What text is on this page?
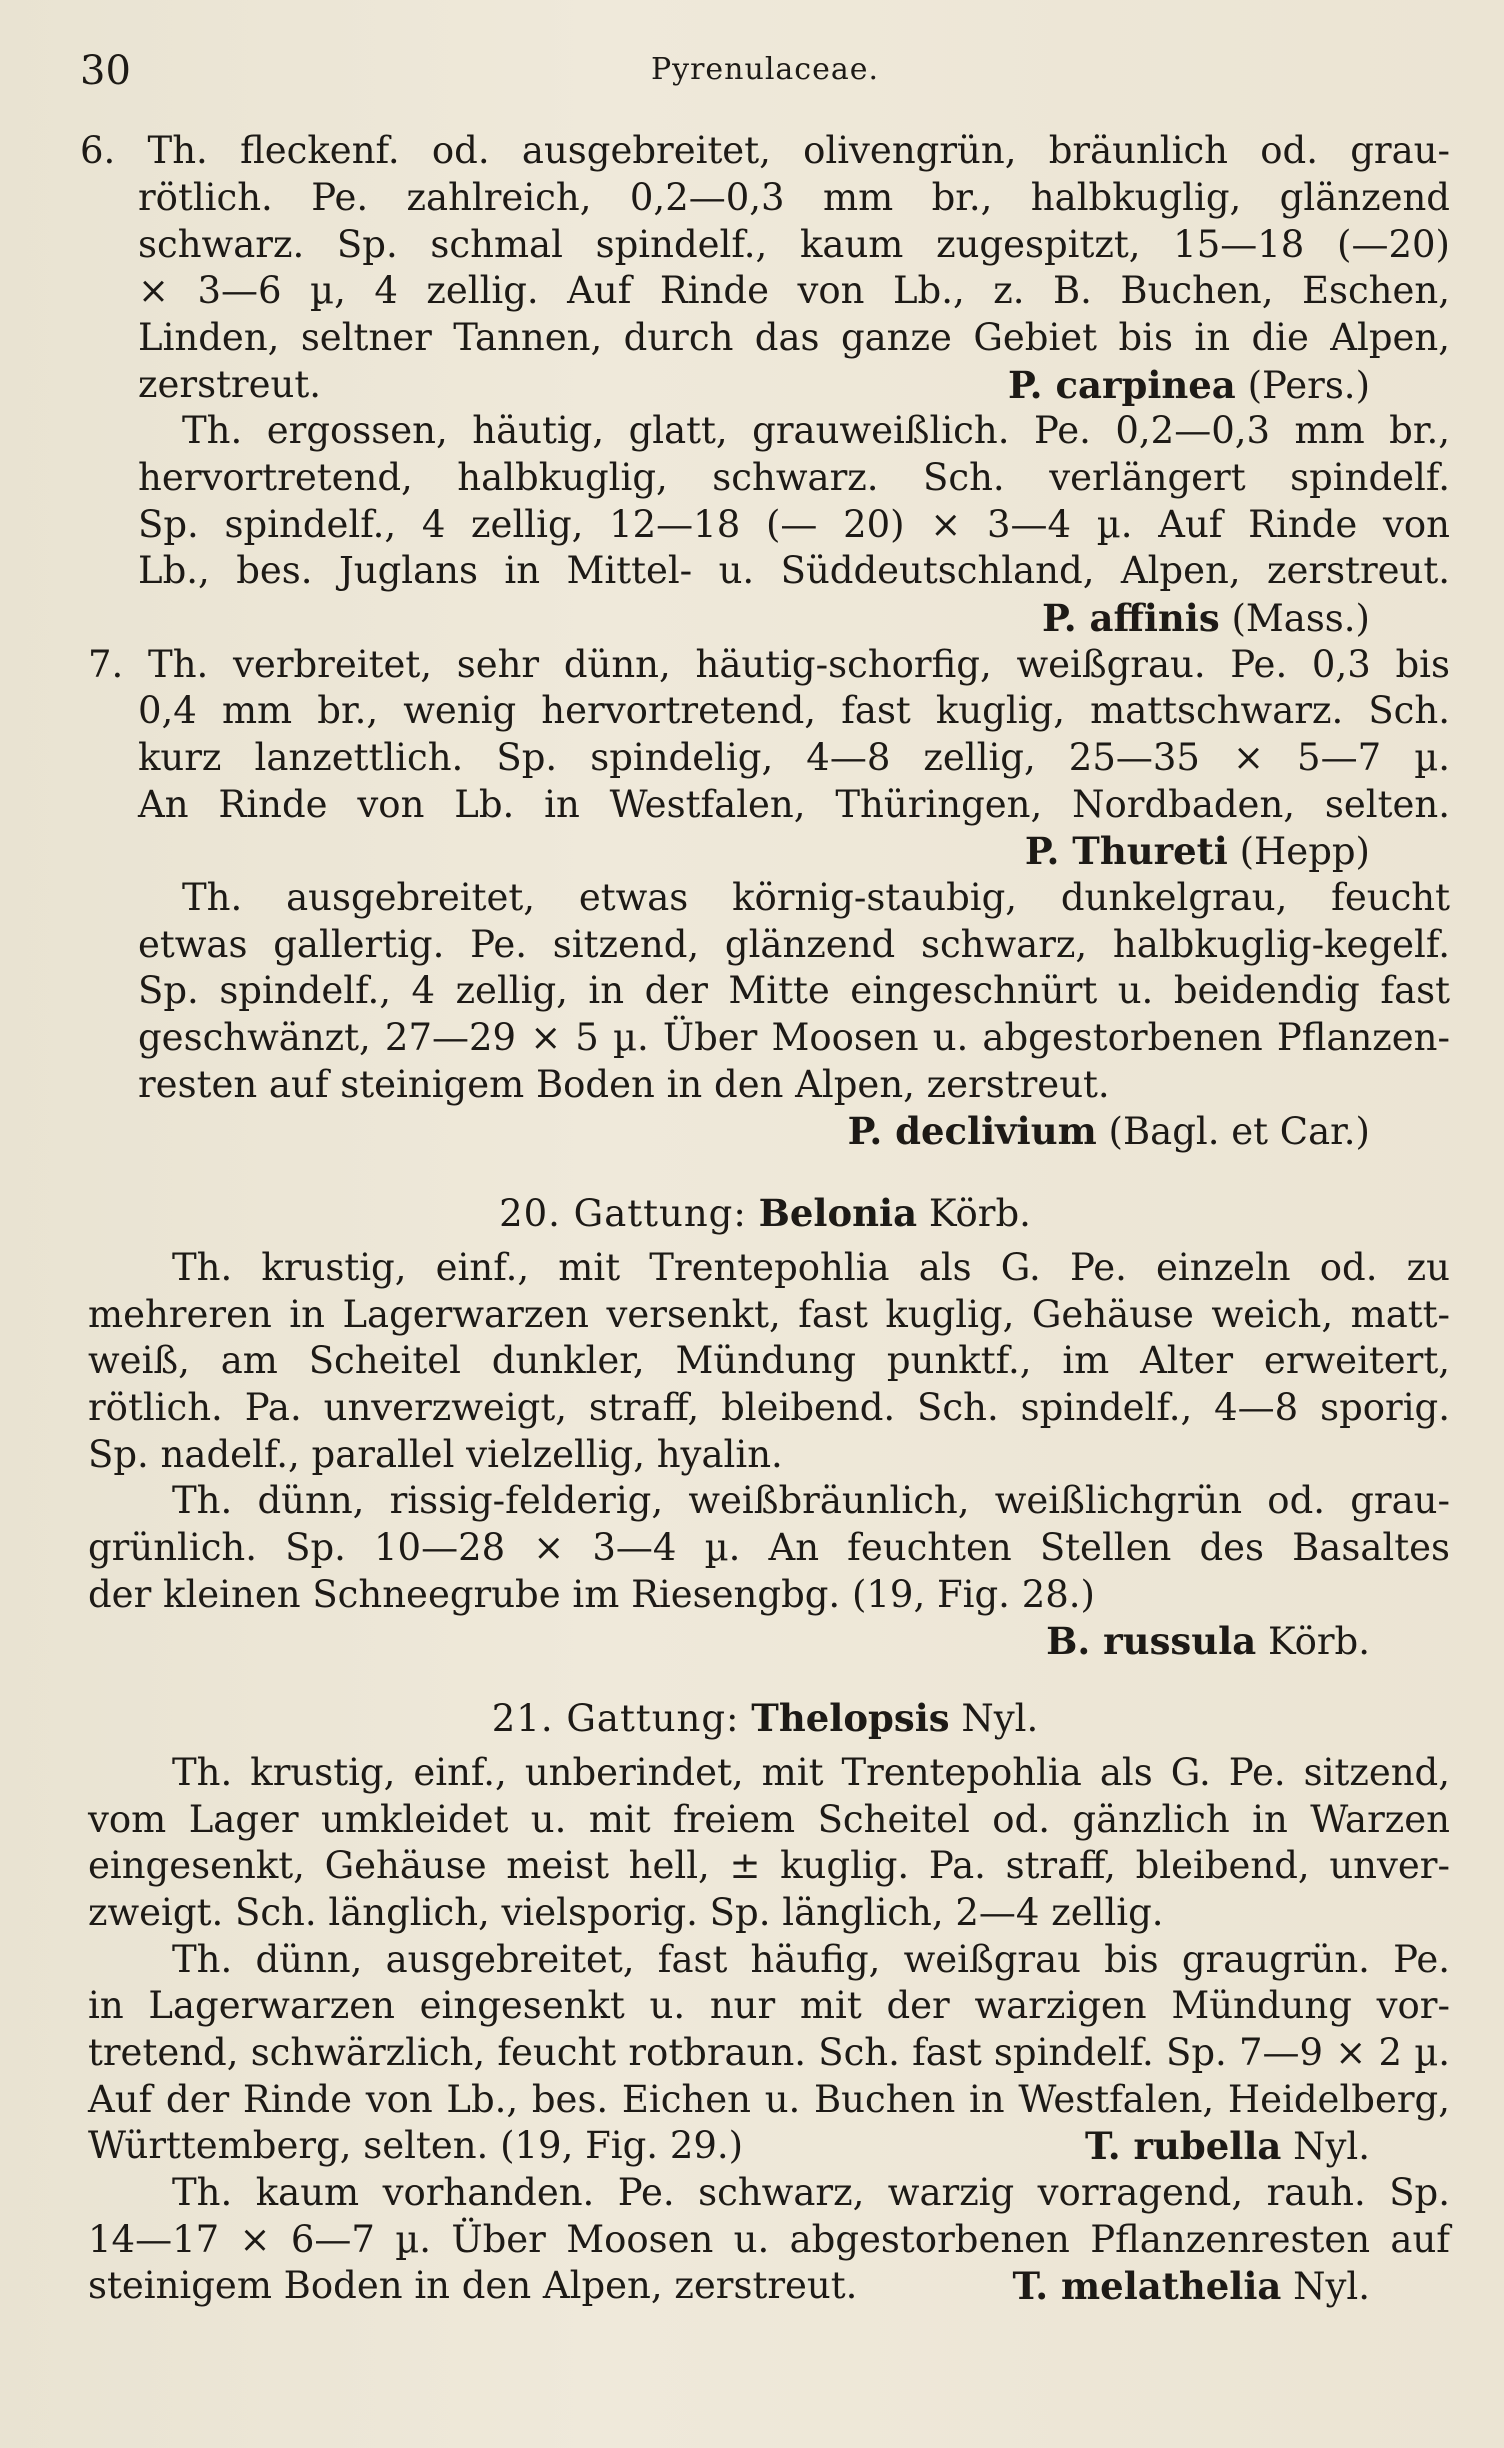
30	Pyrenulaceae.
6. Th. fleckenf. od. ausgebreitet, olivengrün, bräunlich od. grau-
rötlich. Pe. zahlreich, 0,2—0,3 mm br., halbkuglig, glänzend
schwarz. Sp. schmal spindelf., kaum zugespitzt, 15—18 (—20)
× 3—6 µ, 4 zellig. Auf Rinde von Lb., z. B. Buchen, Eschen,
Linden, seltner Tannen, durch das ganze Gebiet bis in die Alpen,
zerstreut.	P. carpinea (Pers.)
Th. ergossen, häutig, glatt, grauweißlich. Pe. 0,2—0,3 mm br.,
hervortretend, halbkuglig, schwarz. Sch. verlängert spindelf.
Sp. spindelf., 4 zellig, 12—18 (— 20) × 3—4 µ. Auf Rinde von
Lb., bes. Juglans in Mittel- u. Süddeutschland, Alpen, zerstreut.
P. affinis (Mass.)
7. Th. verbreitet, sehr dünn, häutig-schorfig, weißgrau. Pe. 0,3 bis
0,4 mm br., wenig hervortretend, fast kuglig, mattschwarz. Sch.
kurz lanzettlich. Sp. spindelig, 4—8 zellig, 25—35 × 5—7 µ.
An Rinde von Lb. in Westfalen, Thüringen, Nordbaden, selten.
P. Thureti (Hepp)
Th. ausgebreitet, etwas körnig-staubig, dunkelgrau, feucht
etwas gallertig. Pe. sitzend, glänzend schwarz, halbkuglig-kegelf.
Sp. spindelf., 4 zellig, in der Mitte eingeschnürt u. beidendig fast
geschwänzt, 27—29 × 5 µ. Über Moosen u. abgestorbenen Pflanzen-
resten auf steinigem Boden in den Alpen, zerstreut.
P. declivium (Bagl. et Car.)
20. Gattung: Belonia Körb.
Th. krustig, einf., mit Trentepohlia als G. Pe. einzeln od. zu
mehreren in Lagerwarzen versenkt, fast kuglig, Gehäuse weich, matt-
weiß, am Scheitel dunkler, Mündung punktf., im Alter erweitert,
rötlich. Pa. unverzweigt, straff, bleibend. Sch. spindelf., 4—8 sporig.
Sp. nadelf., parallel vielzellig, hyalin.
Th. dünn, rissig-felderig, weißbräunlich, weißlichgrün od. grau-
grünlich. Sp. 10—28 × 3—4 µ. An feuchten Stellen des Basaltes
der kleinen Schneegrube im Riesengbg. (19, Fig. 28.)
B. russula Körb.
21. Gattung: Thelopsis Nyl.
Th. krustig, einf., unberindet, mit Trentepohlia als G. Pe. sitzend,
vom Lager umkleidet u. mit freiem Scheitel od. gänzlich in Warzen
eingesenkt, Gehäuse meist hell, ± kuglig. Pa. straff, bleibend, unver-
zweigt. Sch. länglich, vielsporig. Sp. länglich, 2—4 zellig.
Th. dünn, ausgebreitet, fast häufig, weißgrau bis graugrün. Pe.
in Lagerwarzen eingesenkt u. nur mit der warzigen Mündung vor-
tretend, schwärzlich, feucht rotbraun. Sch. fast spindelf. Sp. 7—9 × 2 µ.
Auf der Rinde von Lb., bes. Eichen u. Buchen in Westfalen, Heidelberg,
Württemberg, selten. (19, Fig. 29.)	T. rubella Nyl.
Th. kaum vorhanden. Pe. schwarz, warzig vorragend, rauh. Sp.
14—17 × 6—7 µ. Über Moosen u. abgestorbenen Pflanzenresten auf
steinigem Boden in den Alpen, zerstreut.	T. melathelia Nyl.
